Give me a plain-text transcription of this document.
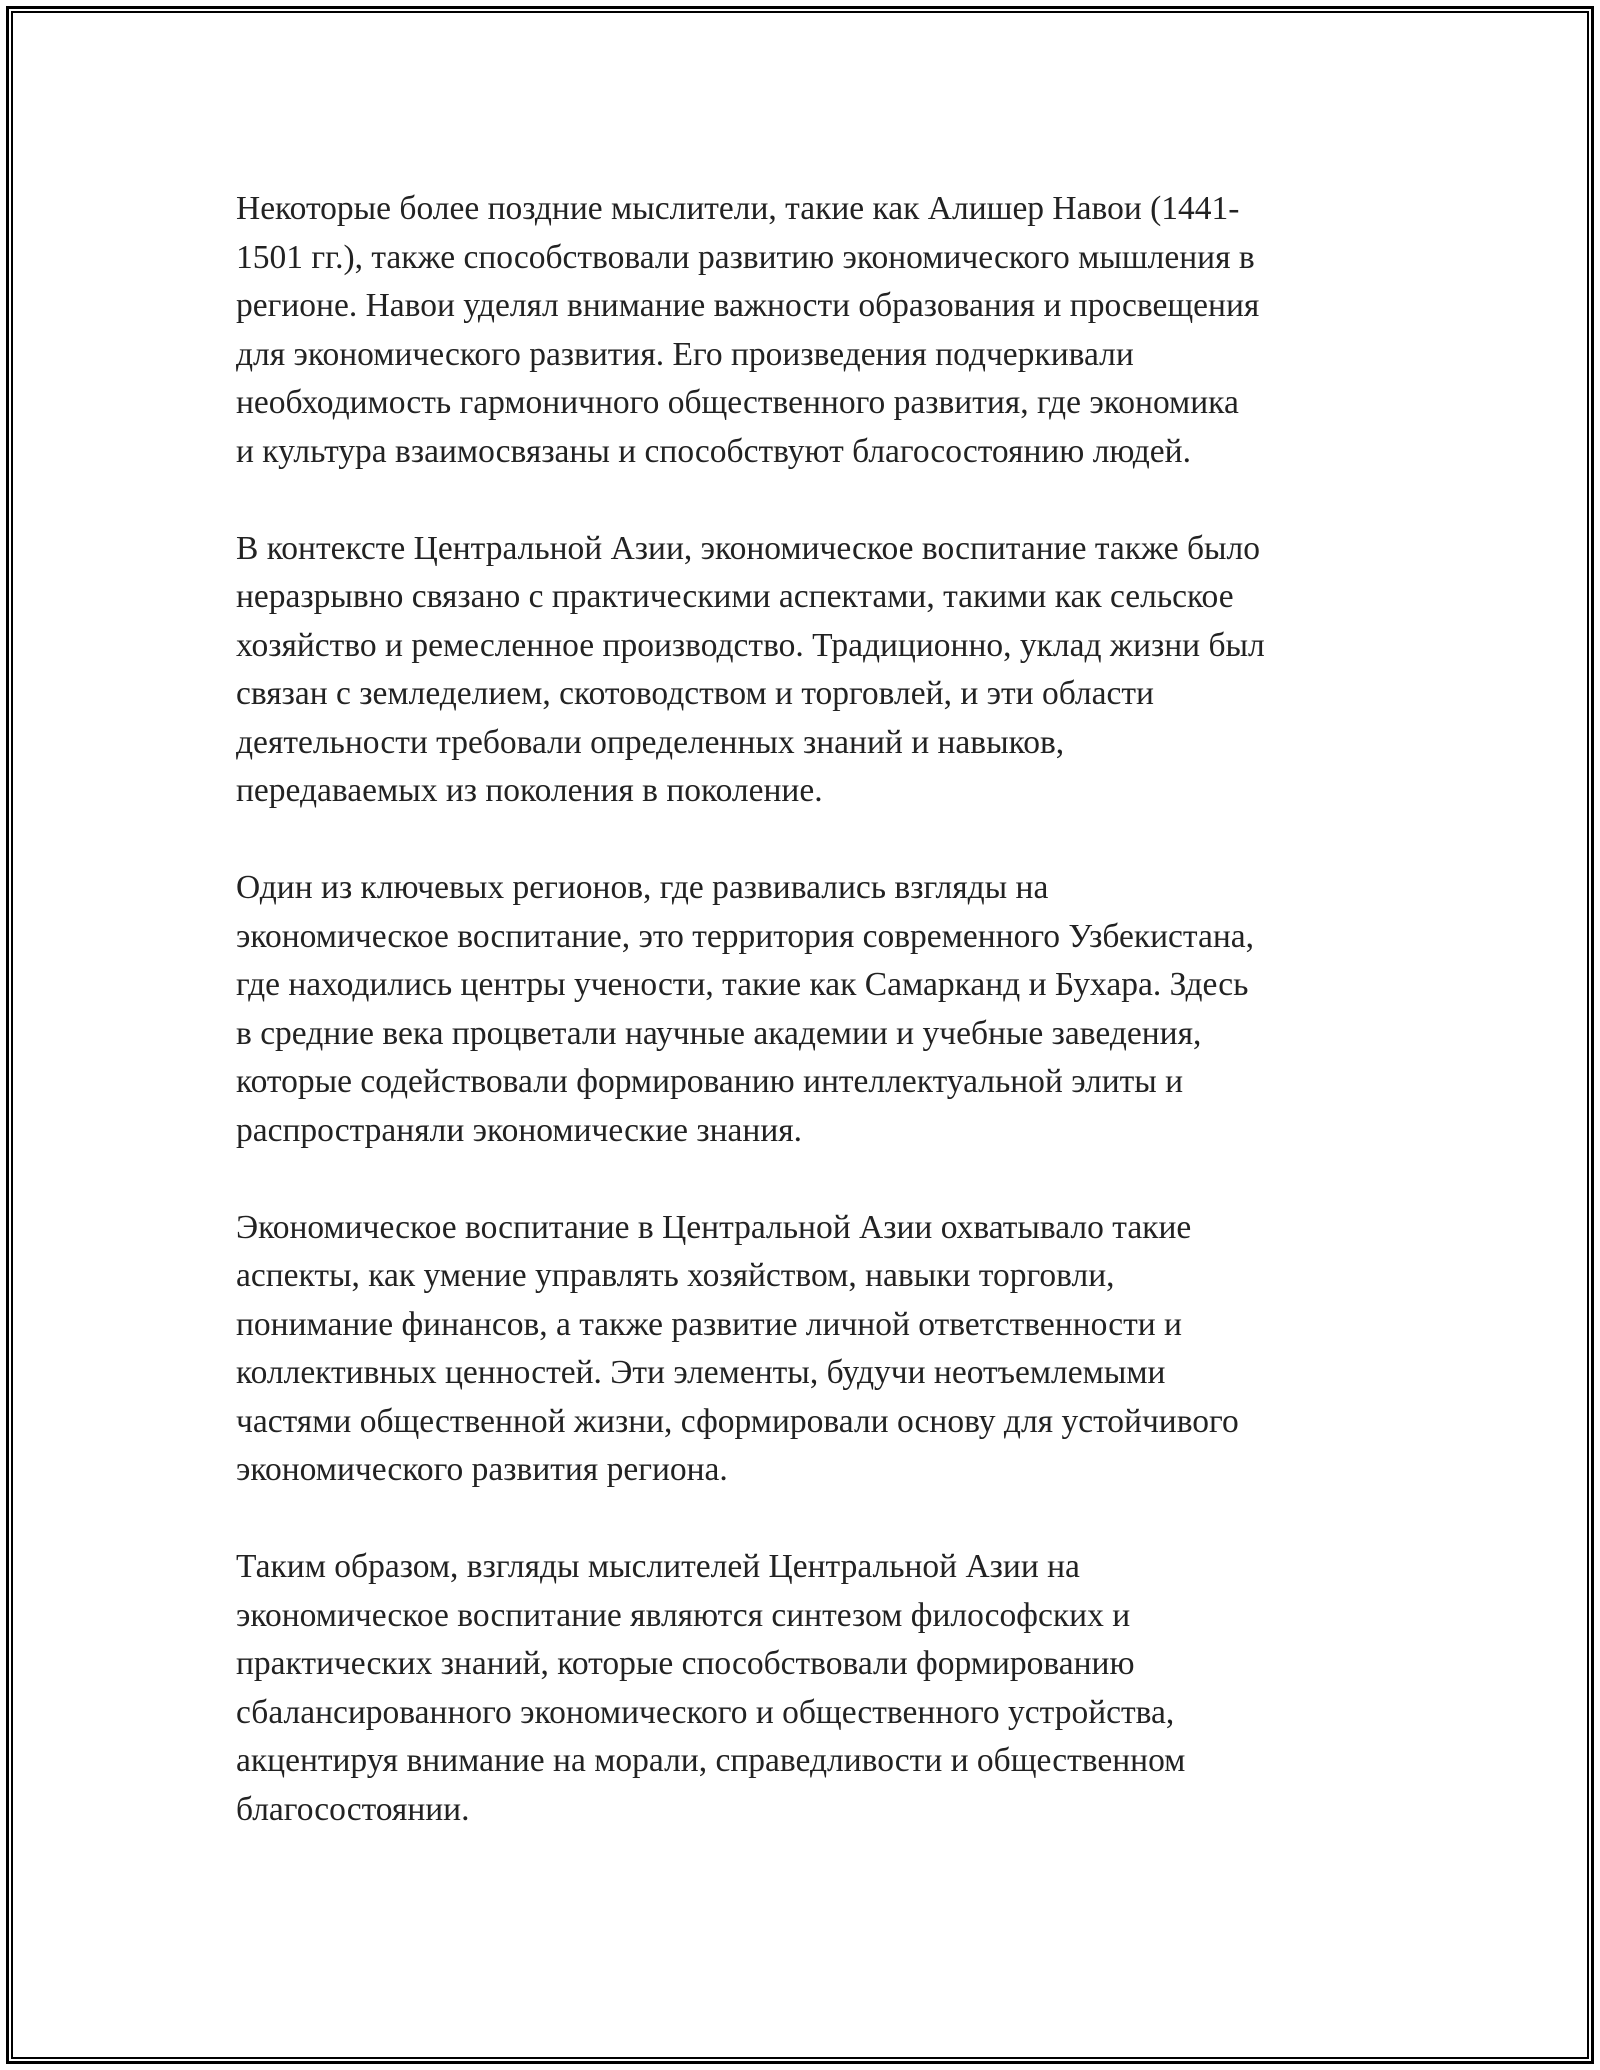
Некоторые более поздние мыслители, такие как Алишер Навои (1441-
1501 гг.), также способствовали развитию экономического мышления в
регионе. Навои уделял внимание важности образования и просвещения
для экономического развития. Его произведения подчеркивали
необходимость гармоничного общественного развития, где экономика
и культура взаимосвязаны и способствуют благосостоянию людей.
В контексте Центральной Азии, экономическое воспитание также было
неразрывно связано с практическими аспектами, такими как сельское
хозяйство и ремесленное производство. Традиционно, уклад жизни был
связан с земледелием, скотоводством и торговлей, и эти области
деятельности требовали определенных знаний и навыков,
передаваемых из поколения в поколение.
Один из ключевых регионов, где развивались взгляды на
экономическое воспитание, это территория современного Узбекистана,
где находились центры учености, такие как Самарканд и Бухара. Здесь
в средние века процветали научные академии и учебные заведения,
которые содействовали формированию интеллектуальной элиты и
распространяли экономические знания.
Экономическое воспитание в Центральной Азии охватывало такие
аспекты, как умение управлять хозяйством, навыки торговли,
понимание финансов, а также развитие личной ответственности и
коллективных ценностей. Эти элементы, будучи неотъемлемыми
частями общественной жизни, сформировали основу для устойчивого
экономического развития региона.
Таким образом, взгляды мыслителей Центральной Азии на
экономическое воспитание являются синтезом философских и
практических знаний, которые способствовали формированию
сбалансированного экономического и общественного устройства,
акцентируя внимание на морали, справедливости и общественном
благосостоянии.
